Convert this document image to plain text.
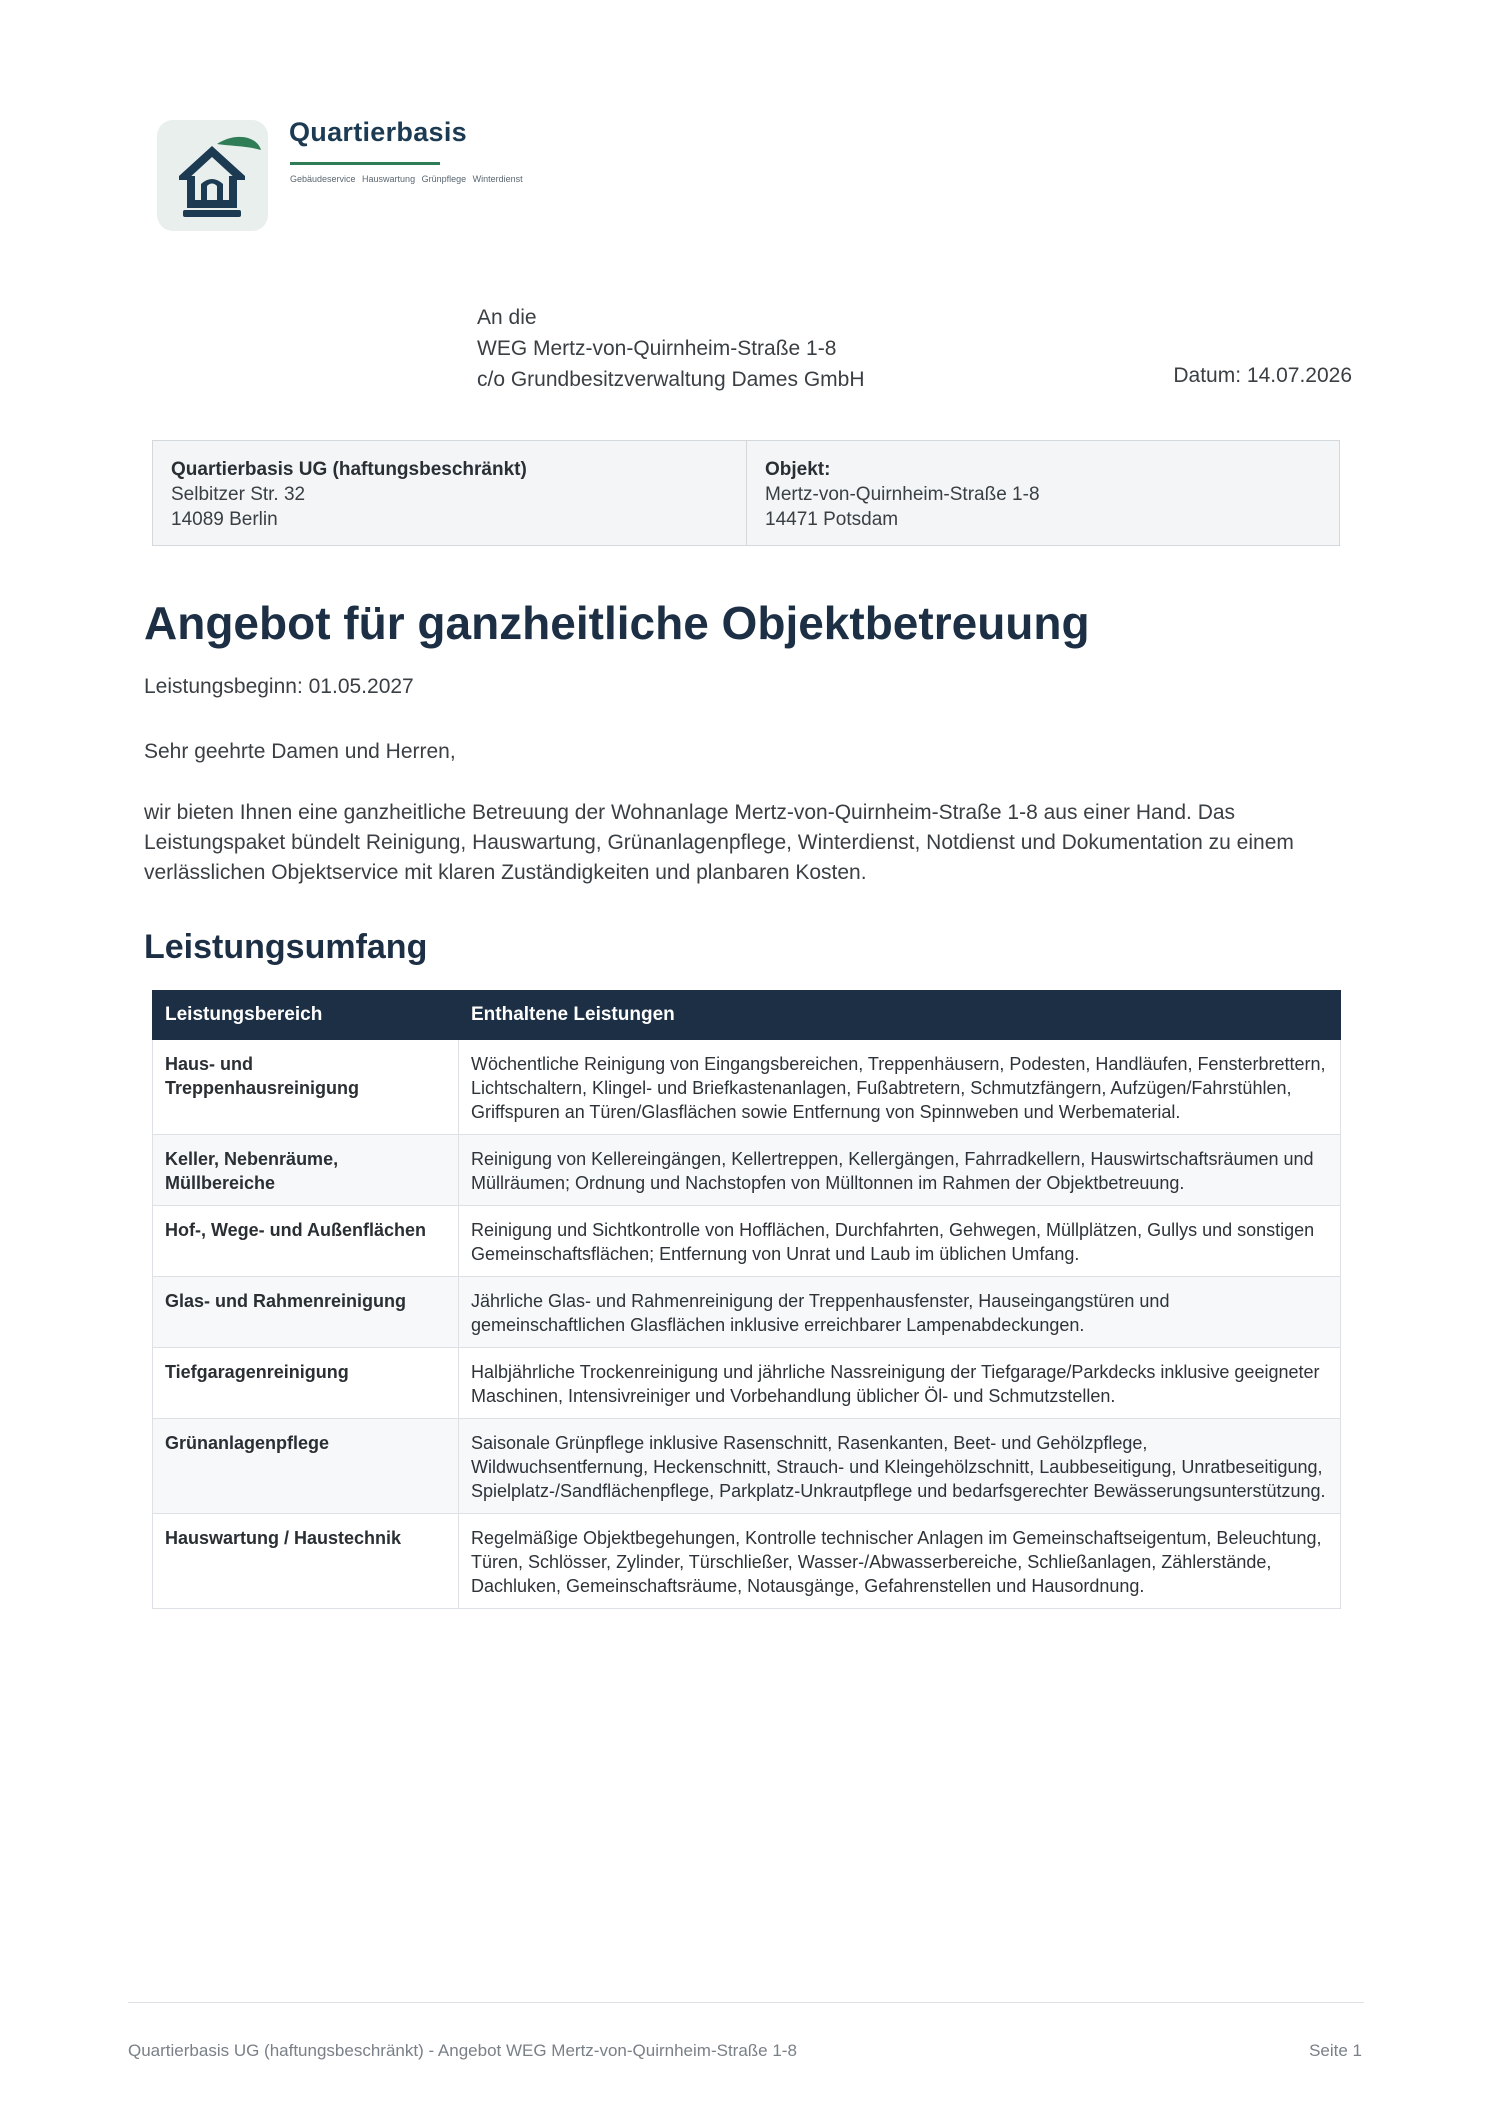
Quartierbasis
Gebäudeservice Hauswartung Grünpflege Winterdienst
An die
WEG Mertz-von-Quirnheim-Straße 1-8
c/o Grundbesitzverwaltung Dames GmbH	Datum: 14.07.2026
Quartierbasis UG (haftungsbeschränkt)
Selbitzer Str. 32
14089 Berlin
Objekt:
Mertz-von-Quirnheim-Straße 1-8
14471 Potsdam
Angebot für ganzheitliche Objektbetreuung
Leistungsbeginn: 01.05.2027
Sehr geehrte Damen und Herren,
wir bieten Ihnen eine ganzheitliche Betreuung der Wohnanlage Mertz-von-Quirnheim-Straße 1-8 aus einer Hand. Das Leistungspaket bündelt Reinigung, Hauswartung, Grünanlagenpflege, Winterdienst, Notdienst und Dokumentation zu einem verlässlichen Objektservice mit klaren Zuständigkeiten und planbaren Kosten.
Leistungsumfang
Leistungsbereich	Enthaltene Leistungen
Haus- und Treppenhausreinigung	Wöchentliche Reinigung von Eingangsbereichen, Treppenhäusern, Podesten, Handläufen, Fensterbrettern, Lichtschaltern, Klingel- und Briefkastenanlagen, Fußabtretern, Schmutzfängern, Aufzügen/Fahrstühlen, Griffspuren an Türen/Glasflächen sowie Entfernung von Spinnweben und Werbematerial.
Keller, Nebenräume, Müllbereiche	Reinigung von Kellereingängen, Kellertreppen, Kellergängen, Fahrradkellern, Hauswirtschaftsräumen und Müllräumen; Ordnung und Nachstopfen von Mülltonnen im Rahmen der Objektbetreuung.
Hof-, Wege- und Außenflächen	Reinigung und Sichtkontrolle von Hofflächen, Durchfahrten, Gehwegen, Müllplätzen, Gullys und sonstigen Gemeinschaftsflächen; Entfernung von Unrat und Laub im üblichen Umfang.
Glas- und Rahmenreinigung	Jährliche Glas- und Rahmenreinigung der Treppenhausfenster, Hauseingangstüren und gemeinschaftlichen Glasflächen inklusive erreichbarer Lampenabdeckungen.
Tiefgaragenreinigung	Halbjährliche Trockenreinigung und jährliche Nassreinigung der Tiefgarage/Parkdecks inklusive geeigneter Maschinen, Intensivreiniger und Vorbehandlung üblicher Öl- und Schmutzstellen.
Grünanlagenpflege	Saisonale Grünpflege inklusive Rasenschnitt, Rasenkanten, Beet- und Gehölzpflege, Wildwuchsentfernung, Heckenschnitt, Strauch- und Kleingehölzschnitt, Laubbeseitigung, Unratbeseitigung, Spielplatz-/Sandflächenpflege, Parkplatz-Unkrautpflege und bedarfsgerechter Bewässerungsunterstützung.
Hauswartung / Haustechnik	Regelmäßige Objektbegehungen, Kontrolle technischer Anlagen im Gemeinschaftseigentum, Beleuchtung, Türen, Schlösser, Zylinder, Türschließer, Wasser-/Abwasserbereiche, Schließanlagen, Zählerstände, Dachluken, Gemeinschaftsräume, Notausgänge, Gefahrenstellen und Hausordnung.
Quartierbasis UG (haftungsbeschränkt) - Angebot WEG Mertz-von-Quirnheim-Straße 1-8	Seite 1
